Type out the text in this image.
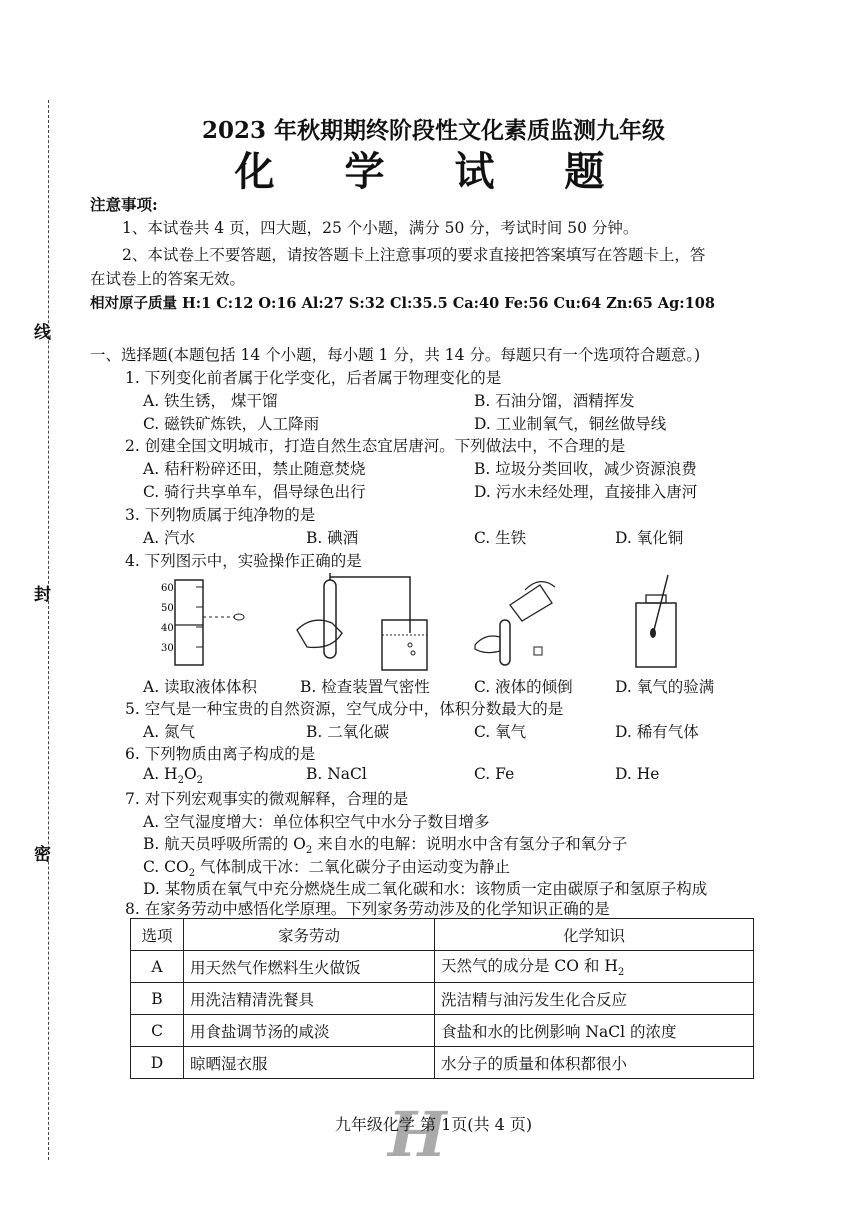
线
封
密
2023 年秋期期终阶段性文化素质监测九年级
化 学 试 题
注意事项:
1、本试卷共 4 页，四大题，25 个小题，满分 50 分，考试时间 50 分钟。
2、本试卷上不要答题，请按答题卡上注意事项的要求直接把答案填写在答题卡上，答
在试卷上的答案无效。
相对原子质量 H:1 C:12 O:16 Al:27 S:32 Cl:35.5 Ca:40 Fe:56 Cu:64 Zn:65 Ag:108
一、选择题(本题包括 14 个小题，每小题 1 分，共 14 分。每题只有一个选项符合题意。)
1. 下列变化前者属于化学变化，后者属于物理变化的是
A. 铁生锈， 煤干馏	B. 石油分馏，酒精挥发
C. 磁铁矿炼铁，人工降雨	D. 工业制氧气，铜丝做导线
2. 创建全国文明城市，打造自然生态宜居唐河。下列做法中，不合理的是
A. 秸秆粉碎还田，禁止随意焚烧	B. 垃圾分类回收，减少资源浪费
C. 骑行共享单车，倡导绿色出行	D. 污水未经处理，直接排入唐河
3. 下列物质属于纯净物的是
A. 汽水	B. 碘酒	C. 生铁	D. 氧化铜
4. 下列图示中，实验操作正确的是
60
50
40
30
A. 读取液体体积	B. 检查装置气密性	C. 液体的倾倒	D. 氧气的验满
5. 空气是一种宝贵的自然资源，空气成分中，体积分数最大的是
A. 氮气	B. 二氧化碳	C. 氧气	D. 稀有气体
6. 下列物质由离子构成的是
A. $H_2O_2$	B. NaCl	C. Fe	D. He
7. 对下列宏观事实的微观解释，合理的是
A. 空气湿度增大：单位体积空气中水分子数目增多
B. 航天员呼吸所需的 $O_2$ 来自水的电解：说明水中含有氢分子和氧分子
C. $CO_2$ 气体制成干冰：二氧化碳分子由运动变为静止
D. 某物质在氧气中充分燃烧生成二氧化碳和水：该物质一定由碳原子和氢原子构成
8. 在家务劳动中感悟化学原理。下列家务劳动涉及的化学知识正确的是
选项	家务劳动	化学知识
A	用天然气作燃料生火做饭	天然气的成分是 CO 和 $H_2$
B	用洗洁精清洗餐具	洗洁精与油污发生化合反应
C	用食盐调节汤的咸淡	食盐和水的比例影响 NaCl 的浓度
D	晾晒湿衣服	水分子的质量和体积都很小
H
九年级化学 第 1页(共 4 页)
